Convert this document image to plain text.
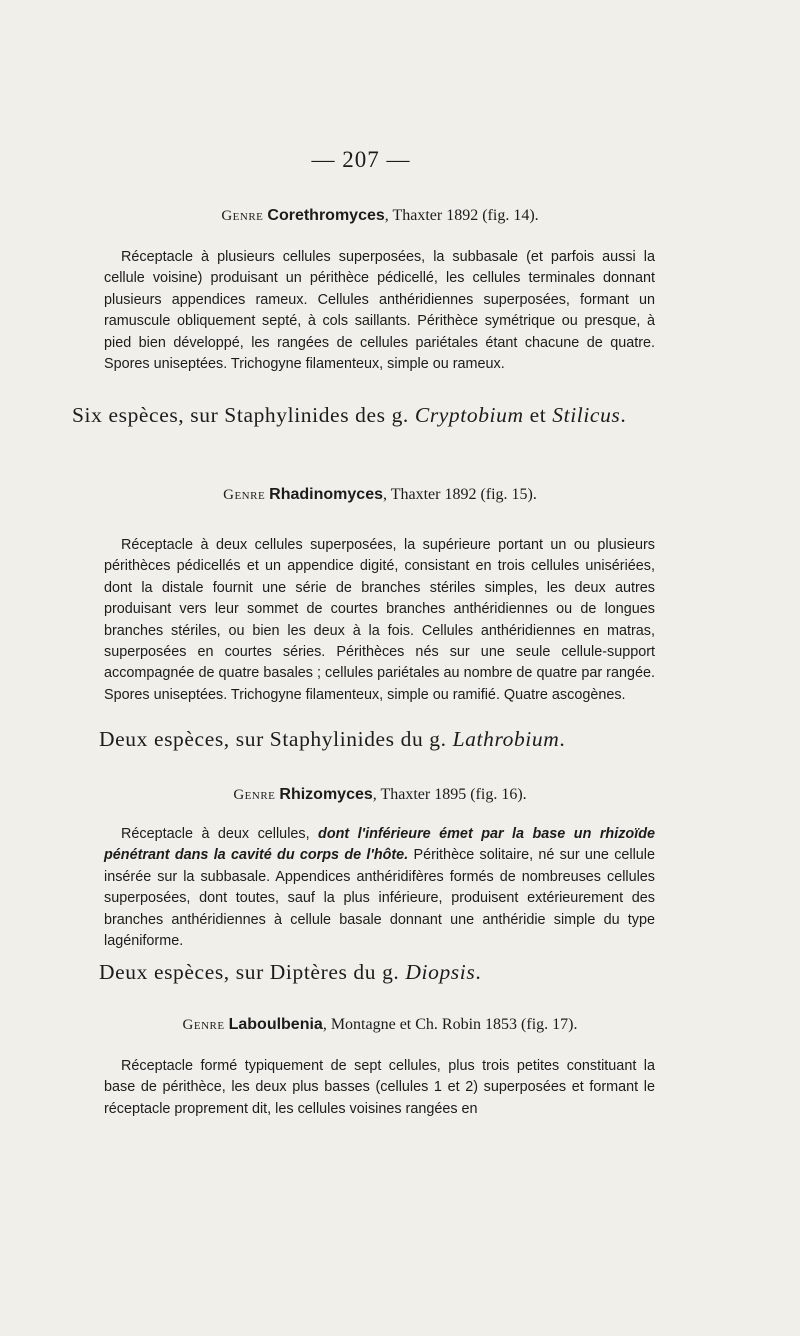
— 207 —
Genre Corethromyces, Thaxter 1892 (fig. 14).

Réceptacle à plusieurs cellules superposées, la subbasale (et parfois aussi la cellule voisine) produisant un périthèce pédicellé, les cellules terminales donnant plusieurs appendices rameux. Cellules anthéridiennes superposées, formant un ramuscule obliquement septé, à cols saillants. Périthèce symétrique ou presque, à pied bien développé, les rangées de cellules pariétales étant chacune de quatre. Spores uniseptées. Trichogyne filamenteux, simple ou rameux.

Six espèces, sur Staphylinides des g. Cryptobium et Stilicus.
Genre Rhadinomyces, Thaxter 1892 (fig. 15).

Réceptacle à deux cellules superposées, la supérieure portant un ou plusieurs périthèces pédicellés et un appendice digité, consistant en trois cellules unisériées, dont la distale fournit une série de branches stériles simples, les deux autres produisant vers leur sommet de courtes branches anthéridiennes ou de longues branches stériles, ou bien les deux à la fois. Cellules anthéridiennes en matras, superposées en courtes séries. Périthèces nés sur une seule cellule-support accompagnée de quatre basales ; cellules pariétales au nombre de quatre par rangée. Spores uniseptées. Trichogyne filamenteux, simple ou ramifié. Quatre ascogènes.

Deux espèces, sur Staphylinides du g. Lathrobium.
Genre Rhizomyces, Thaxter 1895 (fig. 16).

Réceptacle à deux cellules, dont l'inférieure émet par la base un rhizoïde pénétrant dans la cavité du corps de l'hôte. Périthèce solitaire, né sur une cellule insérée sur la subbasale. Appendices anthéridifères formés de nombreuses cellules superposées, dont toutes, sauf la plus inférieure, produisent extérieurement des branches anthéridiennes à cellule basale donnant une anthéridie simple du type lagéniforme.

Deux espèces, sur Diptères du g. Diopsis.
Genre Laboulbenia, Montagne et Ch. Robin 1853 (fig. 17).

Réceptacle formé typiquement de sept cellules, plus trois petites constituant la base de périthèce, les deux plus basses (cellules 1 et 2) superposées et formant le réceptacle proprement dit, les cellules voisines rangées en
